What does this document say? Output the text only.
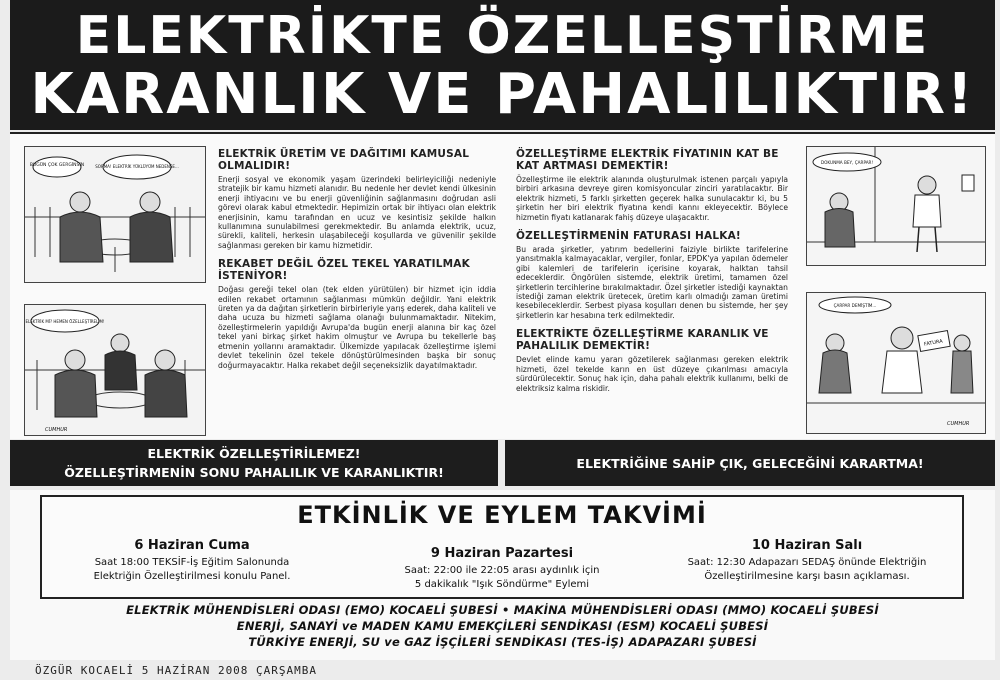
ELEKTRİKTE ÖZELLEŞTİRME
KARANLIK VE PAHALILIKTIR!
BUGÜN ÇOK GERGİNSİN	SORMA! ELEKTRİK YÜKLÜYÜM NEDENSE...
ELEKTRİK Mİ? HEMEN ÖZELLEŞTİRELİM!
CUMHUR
ELEKTRİK ÜRETİM VE DAĞITIMI KAMUSAL OLMALIDIR!

Enerji sosyal ve ekonomik yaşam üzerindeki belirleyiciliği nedeniyle stratejik bir kamu hizmeti alanıdır. Bu nedenle her devlet kendi ülkesinin enerji ihtiyacını ve bu enerji güvenliğinin sağlanmasını doğrudan asli görevi olarak kabul etmektedir. Hepimizin ortak bir ihtiyacı olan elektrik enerjisinin, kamu tarafından en ucuz ve kesintisiz şekilde halkın kullanımına sunulabilmesi gerekmektedir. Bu anlamda elektrik, ucuz, sürekli, kaliteli, herkesin ulaşabileceği koşullarda ve güvenilir şekilde sağlanması gereken bir kamu hizmetidir.

REKABET DEĞİL ÖZEL TEKEL YARATILMAK İSTENİYOR!

Doğası gereği tekel olan (tek elden yürütülen) bir hizmet için iddia edilen rekabet ortamının sağlanması mümkün değildir. Yani elektrik üreten ya da dağıtan şirketlerin birbirleriyle yarış ederek, daha kaliteli ve daha ucuza bu hizmeti sağlama olanağı bulunmamaktadır. Nitekim, özelleştirmelerin yapıldığı Avrupa'da bugün enerji alanına bir kaç özel tekel yani birkaç şirket hakim olmuştur ve Avrupa bu tekellerle baş etmenin yollarını aramaktadır. Ülkemizde yapılacak özelleştirme işlemi devlet tekelinin özel tekele dönüştürülmesinden başka bir sonuç doğurmayacaktır. Halka rekabet değil seçeneksizlik dayatılmaktadır.

ÖZELLEŞTİRME ELEKTRİK FİYATININ KAT BE KAT ARTMASI DEMEKTİR!

Özelleştirme ile elektrik alanında oluşturulmak istenen parçalı yapıyla birbiri arkasına devreye giren komisyoncular zinciri yaratılacaktır. Bir elektrik hizmeti, 5 farklı şirketten geçerek halka sunulacaktır ki, bu 5 şirketin her biri elektrik fiyatına kendi kannı ekleyecektir. Böylece hizmetin fiyatı katlanarak fahiş düzeye ulaşacaktır.

ÖZELLEŞTİRMENİN FATURASI HALKA!

Bu arada şirketler, yatırım bedellerini faiziyle birlikte tarifelerine yansıtmakla kalmayacaklar, vergiler, fonlar, EPDK'ya yapılan ödemeler gibi kalemleri de tarifelerin içerisine koyarak, halktan tahsil edeceklerdir. Öngörülen sistemde, elektrik üretimi, tamamen özel şirketlerin tercihlerine bırakılmaktadır. Özel şirketler istediği kaynaktan istediği zaman elektrik üretecek, üretim karlı olmadığı zaman üretimi kesebileceklerdir. Serbest piyasa koşulları denen bu sistemde, her şey şirketlerin kar hesabına terk edilmektedir.

ELEKTRİKTE ÖZELLEŞTİRME KARANLIK VE PAHALILIK DEMEKTİR!

Devlet elinde kamu yararı gözetilerek sağlanması gereken elektrik hizmeti, özel tekelde karın en üst düzeye çıkarılması amacıyla sürdürülecektir. Sonuç hak için, daha pahalı elektrik kullanımı, belki de elektriksiz kalma riskidir.

DOKUNMA BEY, ÇARPAR!
FATURA
ÇARPAR DEMİŞTİM...
CUMHUR
ELEKTRİK ÖZELLEŞTİRİLEMEZ!
ÖZELLEŞTİRMENİN SONU PAHALILIK VE KARANLIKTIR!
ELEKTRİĞİNE SAHİP ÇIK, GELECEĞİNİ KARARTMA!
ETKİNLİK VE EYLEM TAKVİMİ
6 Haziran Cuma
Saat 18:00 TEKSİF-İş Eğitim Salonunda
Elektriğin Özelleştirilmesi konulu Panel.
9 Haziran Pazartesi
Saat: 22:00 ile 22:05 arası aydınlık için
5 dakikalık "Işık Söndürme" Eylemi
10 Haziran Salı
Saat: 12:30 Adapazarı SEDAŞ önünde Elektriğin
Özelleştirilmesine karşı basın açıklaması.
ELEKTRİK MÜHENDİSLERİ ODASI (EMO) KOCAELİ ŞUBESİ • MAKİNA MÜHENDİSLERİ ODASI (MMO) KOCAELİ ŞUBESİ
ENERJİ, SANAYİ ve MADEN KAMU EMEKÇİLERİ SENDİKASI (ESM) KOCAELİ ŞUBESİ
TÜRKİYE ENERJİ, SU ve GAZ İŞÇİLERİ SENDİKASI (TES-İŞ) ADAPAZARI ŞUBESİ
ÖZGÜR KOCAELİ 5 HAZİRAN 2008 ÇARŞAMBA
